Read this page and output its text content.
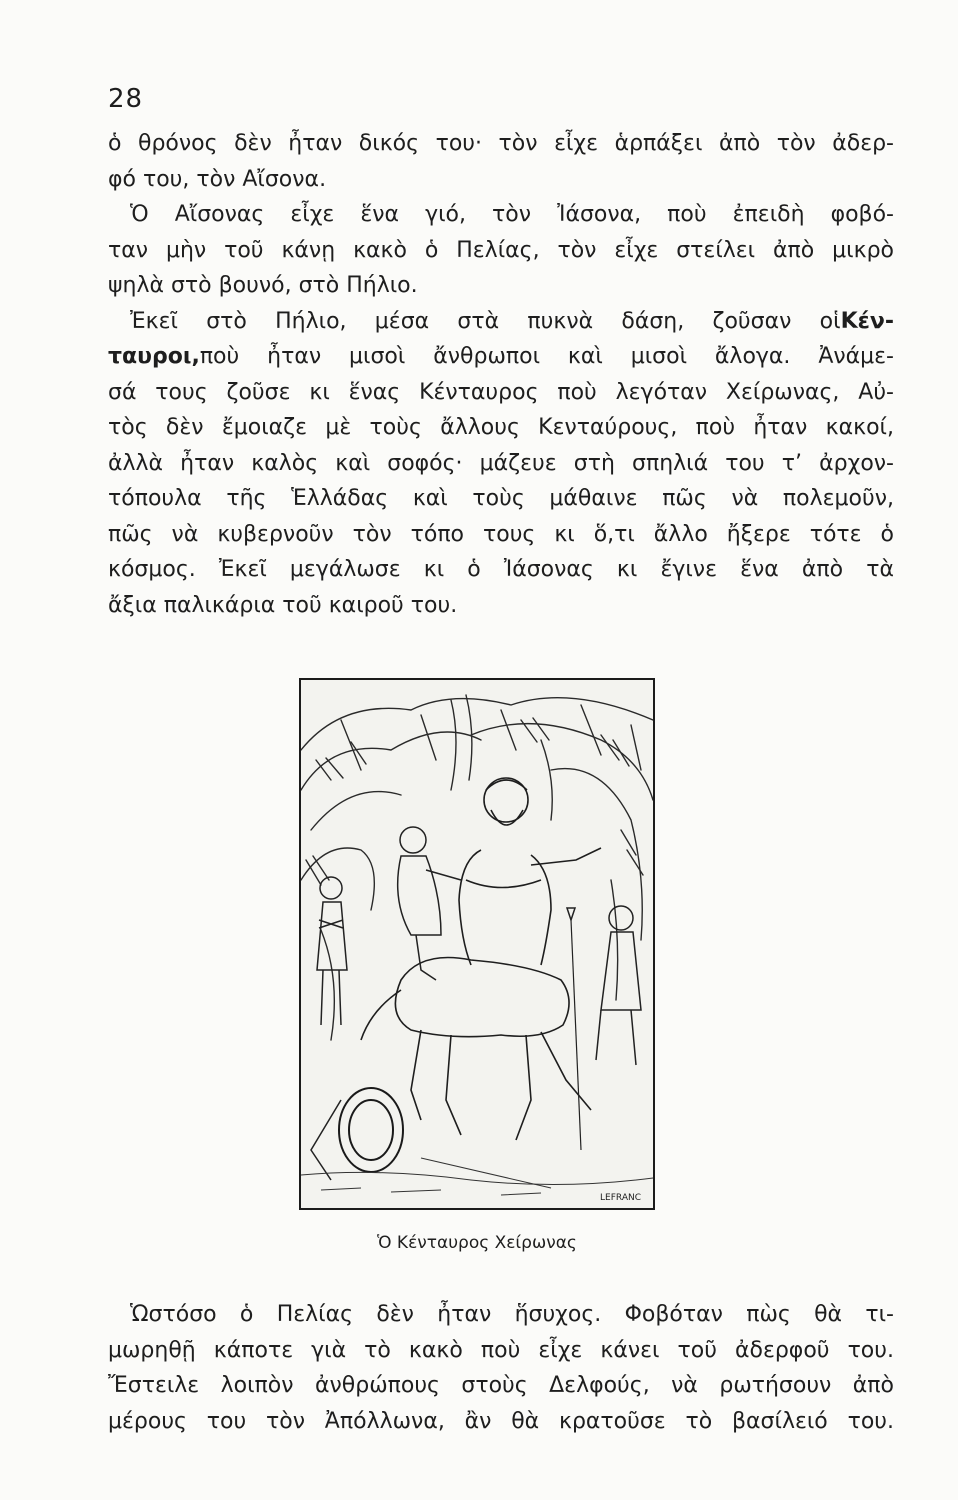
28
ὁ θρόνος δὲν ἦταν δικός του· τὸν εἶχε ἁρπάξει ἀπὸ τὸν ἀδερ-
φό του, τὸν Αἴσονα.
Ὁ Αἴσονας εἶχε ἕνα γιό, τὸν Ἰάσονα, ποὺ ἐπειδὴ φοβό-
ταν μὴν τοῦ κάνῃ κακὸ ὁ Πελίας, τὸν εἶχε στείλει ἀπὸ μικρὸ
ψηλὰ στὸ βουνό, στὸ Πήλιο.
Ἐκεῖ στὸ Πήλιο, μέσα στὰ πυκνὰ δάση, ζοῦσαν οἱΚέν-
ταυροι,ποὺ ἦταν μισοὶ ἄνθρωποι καὶ μισοὶ ἄλογα. Ἀνάμε-
σά τους ζοῦσε κι ἕνας Κένταυρος ποὺ λεγόταν Χείρωνας, Αὐ-
τὸς δὲν ἔμοιαζε μὲ τοὺς ἄλλους Κενταύρους, ποὺ ἦταν κακοί,
ἀλλὰ ἦταν καλὸς καὶ σοφός· μάζευε στὴ σπηλιά του τ’ ἀρχον-
τόπουλα τῆς Ἑλλάδας καὶ τοὺς μάθαινε πῶς νὰ πολεμοῦν,
πῶς νὰ κυβερνοῦν τὸν τόπο τους κι ὅ,τι ἄλλο ἤξερε τότε ὁ
κόσμος. Ἐκεῖ μεγάλωσε κι ὁ Ἰάσονας κι ἔγινε ἕνα ἀπὸ τὰ
ἄξια παλικάρια τοῦ καιροῦ του.
LEFRANC
Ὁ Κένταυρος Χείρωνας
Ὡστόσο ὁ Πελίας δὲν ἦταν ἥσυχος. Φοβόταν πὼς θὰ τι-
μωρηθῇ κάποτε γιὰ τὸ κακὸ ποὺ εἶχε κάνει τοῦ ἀδερφοῦ του.
Ἔστειλε λοιπὸν ἀνθρώπους στοὺς Δελφούς, νὰ ρωτήσουν ἀπὸ
μέρους του τὸν Ἀπόλλωνα, ἂν θὰ κρατοῦσε τὸ βασίλειό του.
